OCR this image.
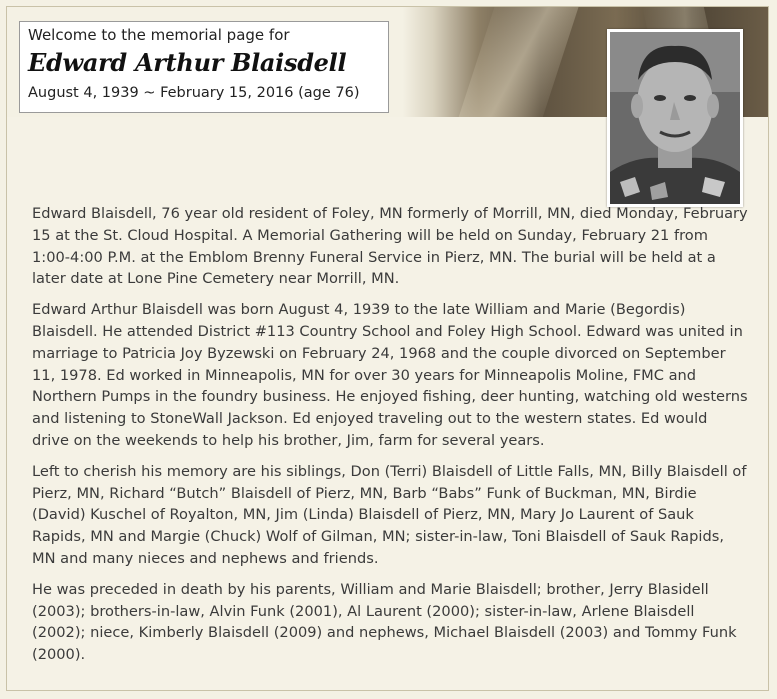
Welcome to the memorial page for
Edward Arthur Blaisdell
August 4, 1939 ~ February 15, 2016 (age 76)

Edward Blaisdell, 76 year old resident of Foley, MN formerly of Morrill, MN, died Monday, February 15 at the St. Cloud Hospital. A Memorial Gathering will be held on Sunday, February 21 from 1:00-4:00 P.M. at the Emblom Brenny Funeral Service in Pierz, MN. The burial will be held at a later date at Lone Pine Cemetery near Morrill, MN.

Edward Arthur Blaisdell was born August 4, 1939 to the late William and Marie (Begordis) Blaisdell. He attended District #113 Country School and Foley High School. Edward was united in marriage to Patricia Joy Byzewski on February 24, 1968 and the couple divorced on September 11, 1978. Ed worked in Minneapolis, MN for over 30 years for Minneapolis Moline, FMC and Northern Pumps in the foundry business. He enjoyed fishing, deer hunting, watching old westerns and listening to StoneWall Jackson. Ed enjoyed traveling out to the western states. Ed would drive on the weekends to help his brother, Jim, farm for several years.

Left to cherish his memory are his siblings, Don (Terri) Blaisdell of Little Falls, MN, Billy Blaisdell of Pierz, MN, Richard “Butch” Blaisdell of Pierz, MN, Barb “Babs” Funk of Buckman, MN, Birdie (David) Kuschel of Royalton, MN, Jim (Linda) Blaisdell of Pierz, MN, Mary Jo Laurent of Sauk Rapids, MN and Margie (Chuck) Wolf of Gilman, MN; sister-in-law, Toni Blaisdell of Sauk Rapids, MN and many nieces and nephews and friends.

He was preceded in death by his parents, William and Marie Blaisdell; brother, Jerry Blasidell (2003); brothers-in-law, Alvin Funk (2001), Al Laurent (2000); sister-in-law, Arlene Blaisdell (2002); niece, Kimberly Blaisdell (2009) and nephews, Michael Blaisdell (2003) and Tommy Funk (2000).
